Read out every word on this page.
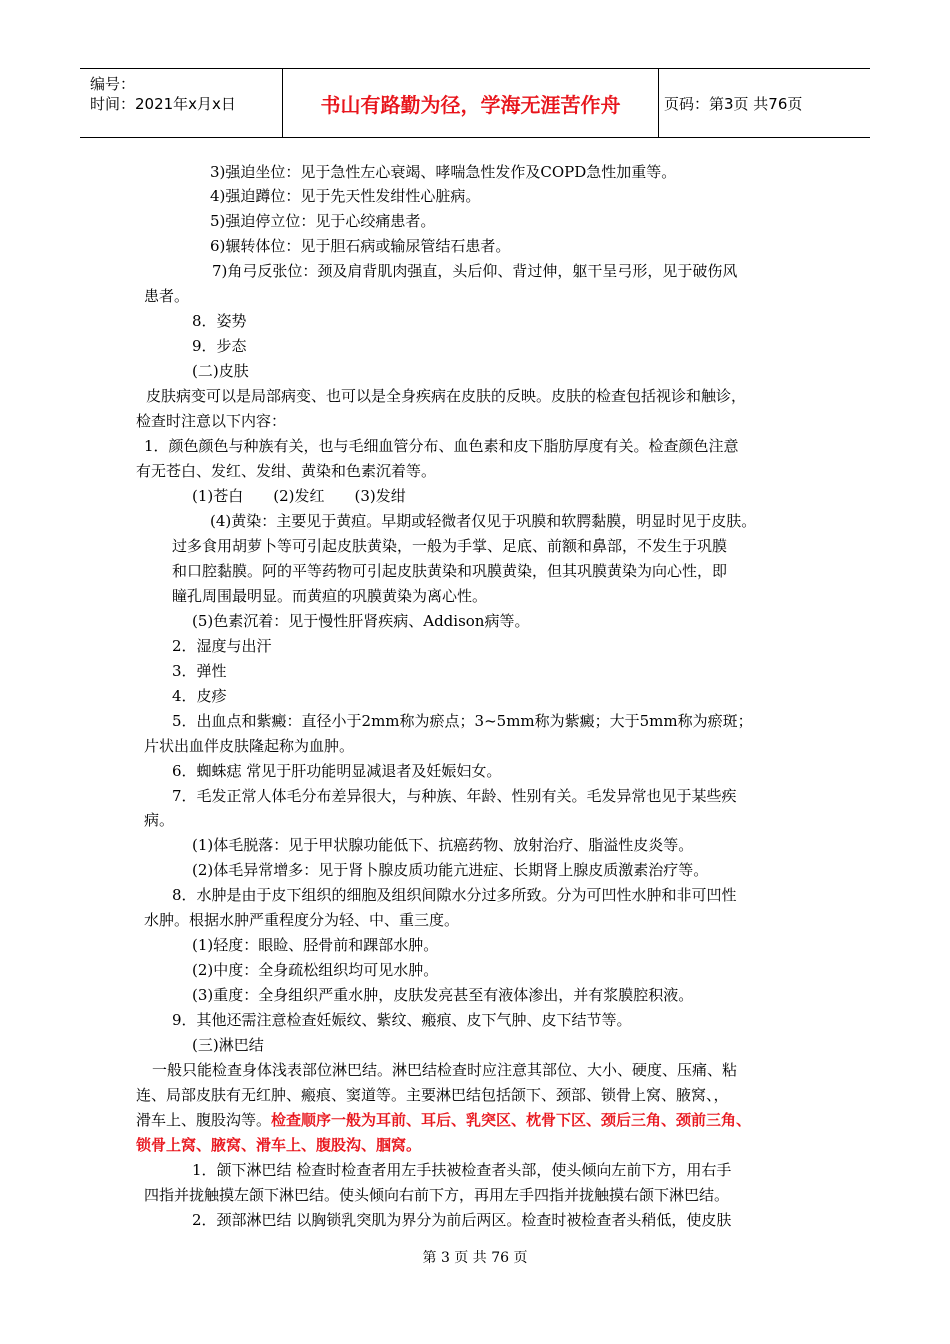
编号：
时间：2021年x月x日	书山有路勤为径，学海无涯苦作舟	页码：第3页 共76页
3)强迫坐位：见于急性左心衰竭、哮喘急性发作及COPD急性加重等。
4)强迫蹲位：见于先天性发绀性心脏病。
5)强迫停立位：见于心绞痛患者。
6)辗转体位：见于胆石病或输尿管结石患者。
7)角弓反张位：颈及肩背肌肉强直，头后仰、背过伸，躯干呈弓形，见于破伤风
患者。
8．姿势
9．步态
(二)皮肤
皮肤病变可以是局部病变、也可以是全身疾病在皮肤的反映。皮肤的检查包括视诊和触诊，
检查时注意以下内容：
1．颜色颜色与种族有关，也与毛细血管分布、血色素和皮下脂肪厚度有关。检查颜色注意
有无苍白、发红、发绀、黄染和色素沉着等。
(1)苍白　　(2)发红　　(3)发绀
(4)黄染：主要见于黄疸。早期或轻微者仅见于巩膜和软腭黏膜，明显时见于皮肤。
过多食用胡萝卜等可引起皮肤黄染，一般为手掌、足底、前额和鼻部，不发生于巩膜
和口腔黏膜。阿的平等药物可引起皮肤黄染和巩膜黄染，但其巩膜黄染为向心性，即
瞳孔周围最明显。而黄疸的巩膜黄染为离心性。
(5)色素沉着：见于慢性肝肾疾病、Addison病等。
2．湿度与出汗
3．弹性
4．皮疹
5．出血点和紫癜：直径小于2mm称为瘀点；3~5mm称为紫癜；大于5mm称为瘀斑；
片状出血伴皮肤隆起称为血肿。
6．蜘蛛痣 常见于肝功能明显减退者及妊娠妇女。
7．毛发正常人体毛分布差异很大，与种族、年龄、性别有关。毛发异常也见于某些疾
病。
(1)体毛脱落：见于甲状腺功能低下、抗癌药物、放射治疗、脂溢性皮炎等。
(2)体毛异常增多：见于肾卜腺皮质功能亢进症、长期肾上腺皮质激素治疗等。
8．水肿是由于皮下组织的细胞及组织间隙水分过多所致。分为可凹性水肿和非可凹性
水肿。根据水肿严重程度分为轻、中、重三度。
(1)轻度：眼睑、胫骨前和踝部水肿。
(2)中度：全身疏松组织均可见水肿。
(3)重度：全身组织严重水肿，皮肤发亮甚至有液体渗出，并有浆膜腔积液。
9．其他还需注意检查妊娠纹、紫纹、瘢痕、皮下气肿、皮下结节等。
(三)淋巴结
一般只能检查身体浅表部位淋巴结。淋巴结检查时应注意其部位、大小、硬度、压痛、粘
连、局部皮肤有无红肿、瘢痕、窦道等。主要淋巴结包括颌下、颈部、锁骨上窝、腋窝、，
滑车上、腹股沟等。检查顺序一般为耳前、耳后、乳突区、枕骨下区、颈后三角、颈前三角、
锁骨上窝、腋窝、滑车上、腹股沟、腘窝。
1．颌下淋巴结 检查时检查者用左手扶被检查者头部，使头倾向左前下方，用右手
四指并拢触摸左颌下淋巴结。使头倾向右前下方，再用左手四指并拢触摸右颌下淋巴结。
2．颈部淋巴结 以胸锁乳突肌为界分为前后两区。检查时被检查者头稍低，使皮肤
第 3 页 共 76 页
